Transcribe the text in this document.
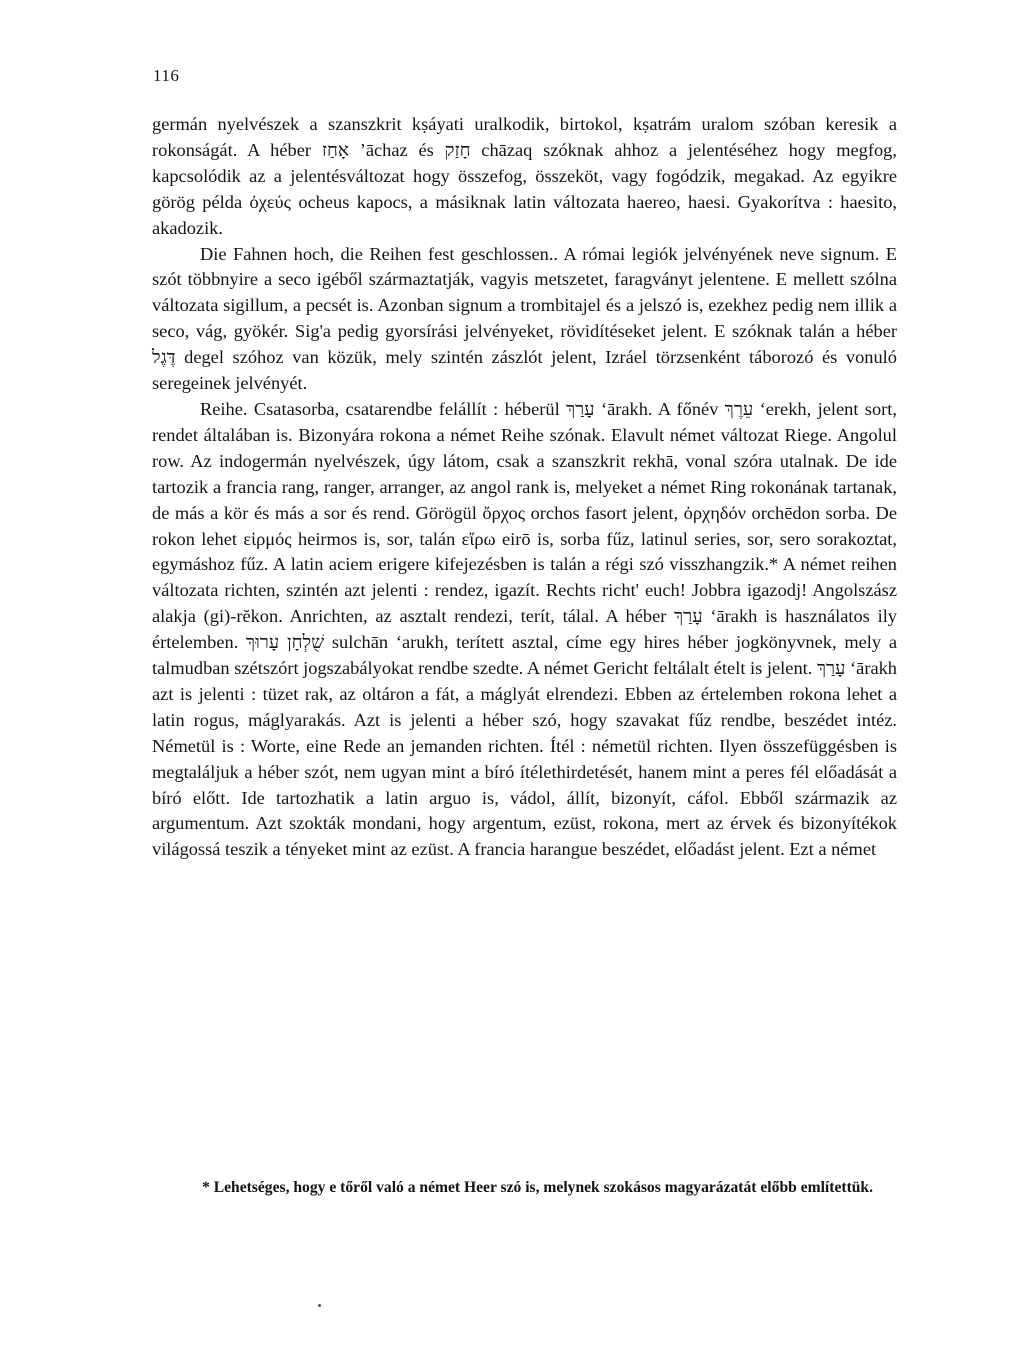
116

germán nyelvészek a szanszkrit kṣáyati uralkodik, birtokol, kṣatrám uralom szóban keresik a rokonságát. A héber אָחַז ’āchaz és חָזַק chāzaq szóknak ahhoz a jelentéséhez hogy megfog, kapcsolódik az a jelentésváltozat hogy összefog, összeköt, vagy fogódzik, megakad. Az egyikre görög példa ὀχεύς ocheus kapocs, a másiknak latin változata haereo, haesi. Gyakorítva : haesito, akadozik.

Die Fahnen hoch, die Reihen fest geschlossen.. A római legiók jelvényének neve signum. E szót többnyire a seco igéből származtatják, vagyis metszetet, faragványt jelentene. E mellett szólna változata sigillum, a pecsét is. Azonban signum a trombitajel és a jelszó is, ezekhez pedig nem illik a seco, vág, gyökér. Sig'a pedig gyorsírási jelvényeket, rövidítéseket jelent. E szóknak talán a héber דֶּגֶל degel szóhoz van közük, mely szintén zászlót jelent, Izráel törzsenként táborozó és vonuló seregeinek jelvényét.

Reihe. Csatasorba, csatarendbe felállít : héberül עָרַךְ ‘ārakh. A főnév עֵרֶךְ ‘erekh, jelent sort, rendet általában is. Bizonyára rokona a német Reihe szónak. Elavult német változat Riege. Angolul row. Az indogermán nyelvészek, úgy látom, csak a szanszkrit rekhā, vonal szóra utalnak. De ide tartozik a francia rang, ranger, arranger, az angol rank is, melyeket a német Ring rokonának tartanak, de más a kör és más a sor és rend. Görögül ὄρχος orchos fasort jelent, ὀρχηδόν orchēdon sorba. De rokon lehet εἱρμός heirmos is, sor, talán εἴρω eirō is, sorba fűz, latinul series, sor, sero sorakoztat, egymáshoz fűz. A latin aciem erigere kifejezésben is talán a régi szó visszhangzik.* A német reihen változata richten, szintén azt jelenti : rendez, igazít. Rechts richt' euch! Jobbra igazodj! Angolszász alakja (gi)-rĕkon. Anrichten, az asztalt rendezi, terít, tálal. A héber עָרַךְ ‘ārakh is használatos ily értelemben. שֻׁלְחָן עָרוּךְ sulchān ‘arukh, terített asztal, címe egy hires héber jogkönyvnek, mely a talmudban szétszórt jogszabályokat rendbe szedte. A német Gericht feltálalt ételt is jelent. עָרַךְ ‘ārakh azt is jelenti : tüzet rak, az oltáron a fát, a máglyát elrendezi. Ebben az értelemben rokona lehet a latin rogus, máglyarakás. Azt is jelenti a héber szó, hogy szavakat fűz rendbe, beszédet intéz. Németül is : Worte, eine Rede an jemanden richten. Ítél : németül richten. Ilyen összefüggésben is megtaláljuk a héber szót, nem ugyan mint a bíró ítélethirdetését, hanem mint a peres fél előadását a bíró előtt. Ide tartozhatik a latin arguo is, vádol, állít, bizonyít, cáfol. Ebből származik az argumentum. Azt szokták mondani, hogy argentum, ezüst, rokona, mert az érvek és bizonyítékok világossá teszik a tényeket mint az ezüst. A francia harangue beszédet, előadást jelent. Ezt a német

* Lehetséges, hogy e tőről való a német Heer szó is, melynek szokásos magyarázatát előbb említettük.
